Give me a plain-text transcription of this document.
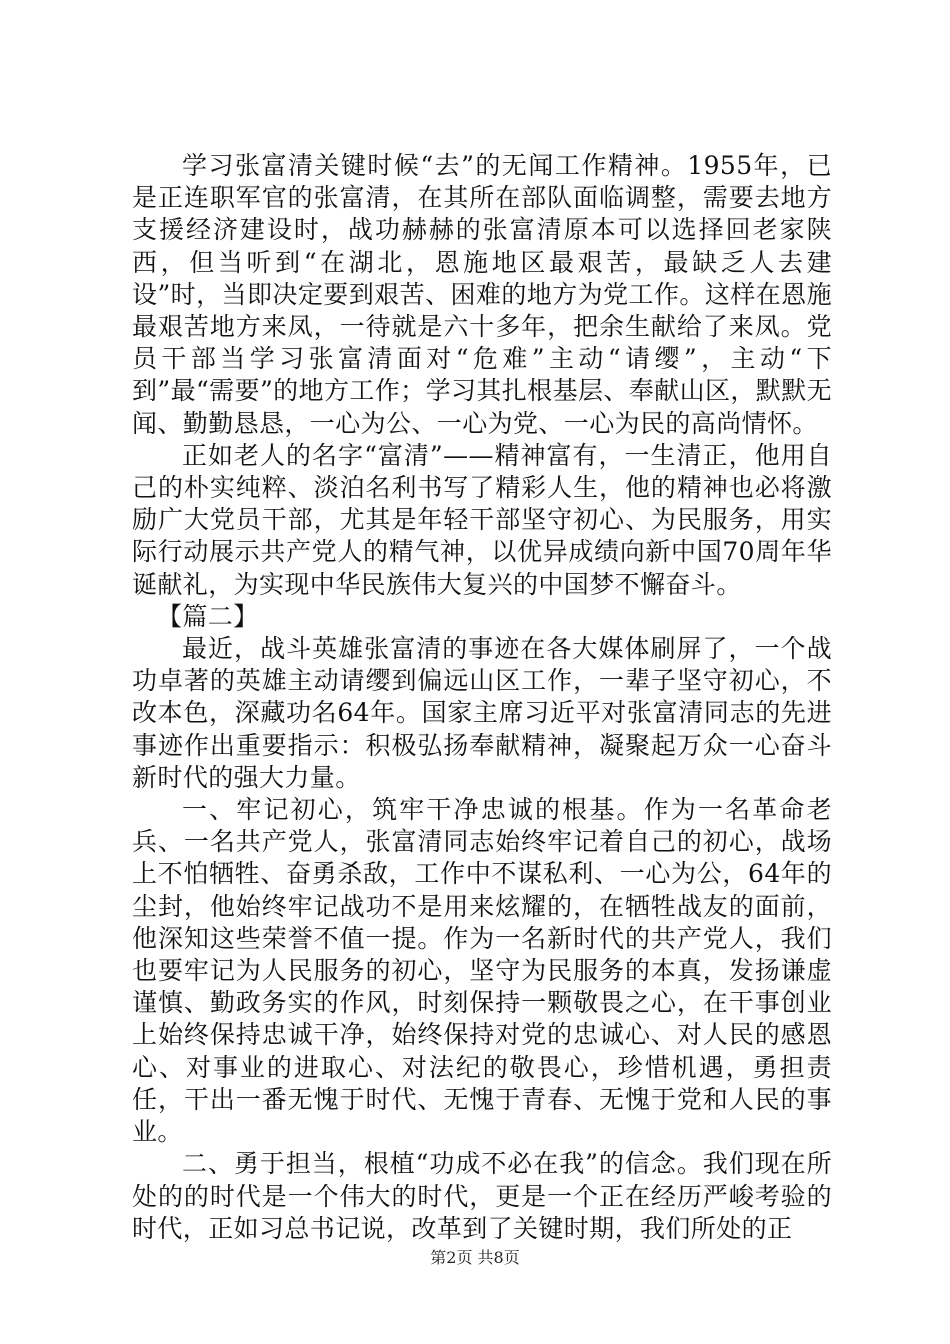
学习张富清关键时候“去”的无闻工作精神。1955年，已是正连职军官的张富清，在其所在部队面临调整，需要去地方支援经济建设时，战功赫赫的张富清原本可以选择回老家陕西，但当听到“在湖北，恩施地区最艰苦，最缺乏人去建设”时，当即决定要到艰苦、困难的地方为党工作。这样在恩施最艰苦地方来凤，一待就是六十多年，把余生献给了来凤。党员干部当学习张富清面对“危难”主动“请缨”，主动“下到”最“需要”的地方工作；学习其扎根基层、奉献山区，默默无闻、勤勤恳恳，一心为公、一心为党、一心为民的高尚情怀。

正如老人的名字“富清”——精神富有，一生清正，他用自己的朴实纯粹、淡泊名利书写了精彩人生，他的精神也必将激励广大党员干部，尤其是年轻干部坚守初心、为民服务，用实际行动展示共产党人的精气神，以优异成绩向新中国70周年华诞献礼，为实现中华民族伟大复兴的中国梦不懈奋斗。

【篇二】

最近，战斗英雄张富清的事迹在各大媒体刷屏了，一个战功卓著的英雄主动请缨到偏远山区工作，一辈子坚守初心，不改本色，深藏功名64年。国家主席习近平对张富清同志的先进事迹作出重要指示：积极弘扬奉献精神，凝聚起万众一心奋斗新时代的强大力量。

一、牢记初心，筑牢干净忠诚的根基。作为一名革命老兵、一名共产党人，张富清同志始终牢记着自己的初心，战场上不怕牺牲、奋勇杀敌，工作中不谋私利、一心为公，64年的尘封，他始终牢记战功不是用来炫耀的，在牺牲战友的面前，他深知这些荣誉不值一提。作为一名新时代的共产党人，我们也要牢记为人民服务的初心，坚守为民服务的本真，发扬谦虚谨慎、勤政务实的作风，时刻保持一颗敬畏之心，在干事创业上始终保持忠诚干净，始终保持对党的忠诚心、对人民的感恩心、对事业的进取心、对法纪的敬畏心，珍惜机遇，勇担责任，干出一番无愧于时代、无愧于青春、无愧于党和人民的事业。

二、勇于担当，根植“功成不必在我”的信念。我们现在所处的的时代是一个伟大的时代，更是一个正在经历严峻考验的时代，正如习总书记说，改革到了关键时期，我们所处的正

第2页 共8页
